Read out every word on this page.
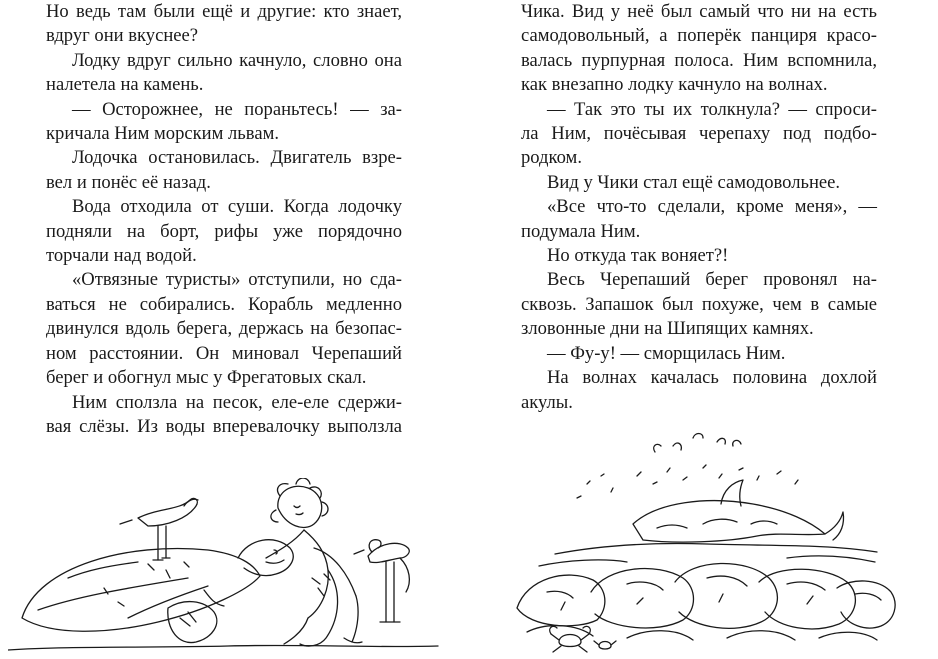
Но ведь там были ещё и другие: кто знает,
вдруг они вкуснее?
Лодку вдруг сильно качнуло, словно она
налетела на камень.
— Осторожнее, не пораньтесь! — за-
кричала Ним морским львам.
Лодочка остановилась. Двигатель взре-
вел и понёс её назад.
Вода отходила от суши. Когда лодочку
подняли на борт, рифы уже порядочно
торчали над водой.
«Отвязные туристы» отступили, но сда-
ваться не собирались. Корабль медленно
двинулся вдоль берега, держась на безопас-
ном расстоянии. Он миновал Черепаший
берег и обогнул мыс у Фрегатовых скал.
Ним сползла на песок, еле-еле сдержи-
вая слёзы. Из воды вперевалочку выползла
Чика. Вид у неё был самый что ни на есть
самодовольный, а поперёк панциря красо-
валась пурпурная полоса. Ним вспомнила,
как внезапно лодку качнуло на волнах.
— Так это ты их толкнула? — спроси-
ла Ним, почёсывая черепаху под подбо-
родком.
Вид у Чики стал ещё самодовольнее.
«Все что-то сделали, кроме меня», —
подумала Ним.
Но откуда так воняет?!
Весь Черепаший берег провонял на-
сквозь. Запашок был похуже, чем в самые
зловонные дни на Шипящих камнях.
— Фу-у! — сморщилась Ним.
На волнах качалась половина дохлой
акулы.
